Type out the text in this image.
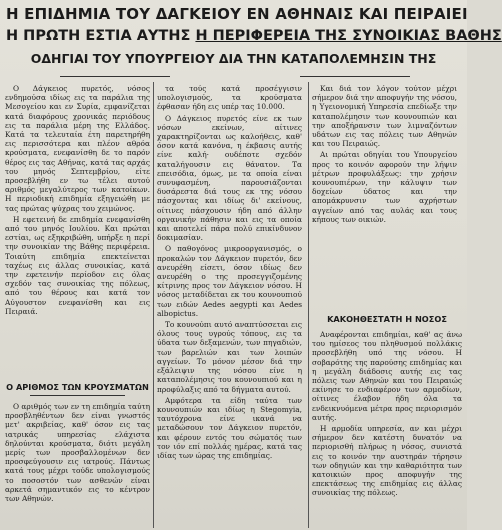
Η ΕΠΙΔΗΜΙΑ ΤΟΥ ΔΑΓΚΕΙΟΥ ΕΝ ΑΘΗΝΑΙΣ ΚΑΙ ΠΕΙΡΑΙΕΙ
Η ΠΡΩΤΗ ΕΣΤΙΑ ΑΥΤΗΣ Η ΠΕΡΙΦΕΡΕΙΑ ΤΗΣ ΣΥΝΟΙΚΙΑΣ ΒΑΘΗΣ
ΟΔΗΓΙΑΙ ΤΟΥ ΥΠΟΥΡΓΕΙΟΥ ΔΙΑ ΤΗΝ ΚΑΤΑΠΟΛΕΜΗΣΙΝ ΤΗΣ

Ο Δάγκειος πυρετός, νόσος ενδημούσα ιδίως εις τα παράλια της Μεσογείου και εν Συρία, εμφανίζεται κατά διαφόρους χρονικάς περιόδους εις τα παράλια μέρη της Ελλάδος. Κατά τα τελευταία έτη παρετηρήθη εις περισσότερα και πλέον αθρόα κρούσματα, ενεφανίσθη δε το παρόν θέρος εις τας Αθήνας, κατά τας αρχάς του μηνός Σεπτεμβρίου, είτε προσεβλήθη εν τω τέλει αυτού αριθμός μεγαλύτερος των κατοίκων. Η περιοδική επιδημία εξηγειώθη με τας πρώτας ψύχρας του χειμώνος.

Η εφετεινή δε επιδημία ενεφανίσθη από του μηνός Ιουλίου. Και πρώται εστίαι, ως εξηκριβώθη, υπήρξε η περί την συνοικίαν της Βάθης περιφέρεια. Τοιαύτη επιδημία επεκτείνεται ταχέως εις άλλας συνοικίας, κατά την εφετεινήν περίοδον εις όλας σχεδόν τας συνοικίας της πόλεως, από του θέρους και κατά τον Αύγουστον ενεφανίσθη και εις Πειραιά.

Ο ΑΡΙΘΜΟΣ ΤΩΝ ΚΡΟΥΣΜΑΤΩΝ

Ο αριθμός των εν τη επιδημία ταύτη προσβληθέντων δεν είναι γνωστός μετ' ακριβείας, καθ' όσον εις τας ιατρικάς υπηρεσίας ελάχιστα δηλούνται κρούσματα, διότι μεγάλη μερίς των προσβαλλομένων δεν προσφεύγουσιν εις ιατρούς. Πάντως κατά τους μέχρι τούδε υπολογισμούς το ποσοστόν των ασθενών είναι αρκετά σημαντικόν εις το κέντρον των Αθηνών.

τα τούς κατά προσέγγισιν υπολογισμούς, τα κρούσματα έφθασαν ήδη εις υπέρ τας 10.000.

Ο Δάγκειος πυρετός είνε εκ των νόσων εκείνων, αίτινες χαρακτηρίζονται ως καλοήθεις, καθ' όσον κατά κανόνα, η έκβασις αυτής είνε καλή· ουδέποτε σχεδόν καταλήγουσιν εις θάνατον. Τα επεισόδια, όμως, με τα οποία είναι συνυφασμένη, παρουσιάζονται δυσάρεστα διά τους εκ της νόσου πάσχοντας και ιδίως δι' εκείνους, οίτινες πάσχουσιν ήδη από άλλην οργανικήν πάθησιν και εις τα οποία και αποτελεί πάρα πολύ επικίνδυνον δοκιμασίαν.

Ο παθογόνος μικροοργανισμός, ο προκαλών τον Δάγκειον πυρετόν, δεν ανευρέθη είσετι, όσον ιδίως δεν ανευρέθη ο της προσεγγιζομένης κίτρινης προς τον Δάγκειον νόσου. Η νόσος μεταδίδεται εκ του κουνουπιού των ειδών Aedes aegypti και Aedes albopictus.

Το κουνούπι αυτό αναπτύσσεται εις όλους τους υγρούς τόπους, εις τα ύδατα των δεξαμενών, των πηγαδιών, των βαρελιών και των λοιπών αγγείων. Το μόνον μέσον διά την εξάλειψιν της νόσου είνε η καταπολέμησις του κουνουπιού και η προφύλαξις από τα δήγματα αυτού.

Αμφότερα τα είδη ταύτα των κουνουπιών και ιδίως η Stegomyia, ταυτόχρονα είνε ικανά να μεταδώσουν τον Δάγκειον πυρετόν, και φέρουν εντός του σώματός των τον ιόν επί πολλάς ημέρας, κατά τας ιδίας των ώρας της επιδημίας.

Και διά τον λόγον τούτον μέχρι σήμερον διά την αποφυγήν της νόσου, η Υγειονομική Υπηρεσία επεδίωξε την καταπολέμησιν των κουνουπιών και την αποξήρανσιν των λιμναζόντων υδάτων εις τας πόλεις των Αθηνών και του Πειραιώς.

Αι πρώται οδηγίαι του Υπουργείου προς το κοινόν αφορούν την λήψιν μέτρων προφυλάξεως: την χρήσιν κουνουπιέρων, την κάλυψιν των δοχείων ύδατος και την απομάκρυνσιν των αχρήστων αγγείων από τας αυλάς και τους κήπους των οικιών.

ΚΑΚΟΗΘΕΣΤΑΤΗ Η ΝΟΣΟΣ

Αναφέρονται επιδημίαι, καθ' ας άνω του ημίσεος του πληθυσμού πολλάκις προσεβλήθη υπό της νόσου. Η σοβαρότης της παρούσης επιδημίας και η μεγάλη διάδοσις αυτής εις τας πόλεις των Αθηνών και του Πειραιώς εκίνησε το ενδιαφέρον των αρμοδίων, οίτινες έλαβον ήδη όλα τα ενδεικνυόμενα μέτρα προς περιορισμόν αυτής.

Η αρμοδία υπηρεσία, αν και μέχρι σήμερον δεν κατέστη δυνατόν να περιορισθή πλήρως η νόσος, συνιστά εις το κοινόν την αυστηράν τήρησιν των οδηγιών και την καθαριότητα των κατοικιών προς αποφυγήν της επεκτάσεως της επιδημίας εις άλλας συνοικίας της πόλεως.
